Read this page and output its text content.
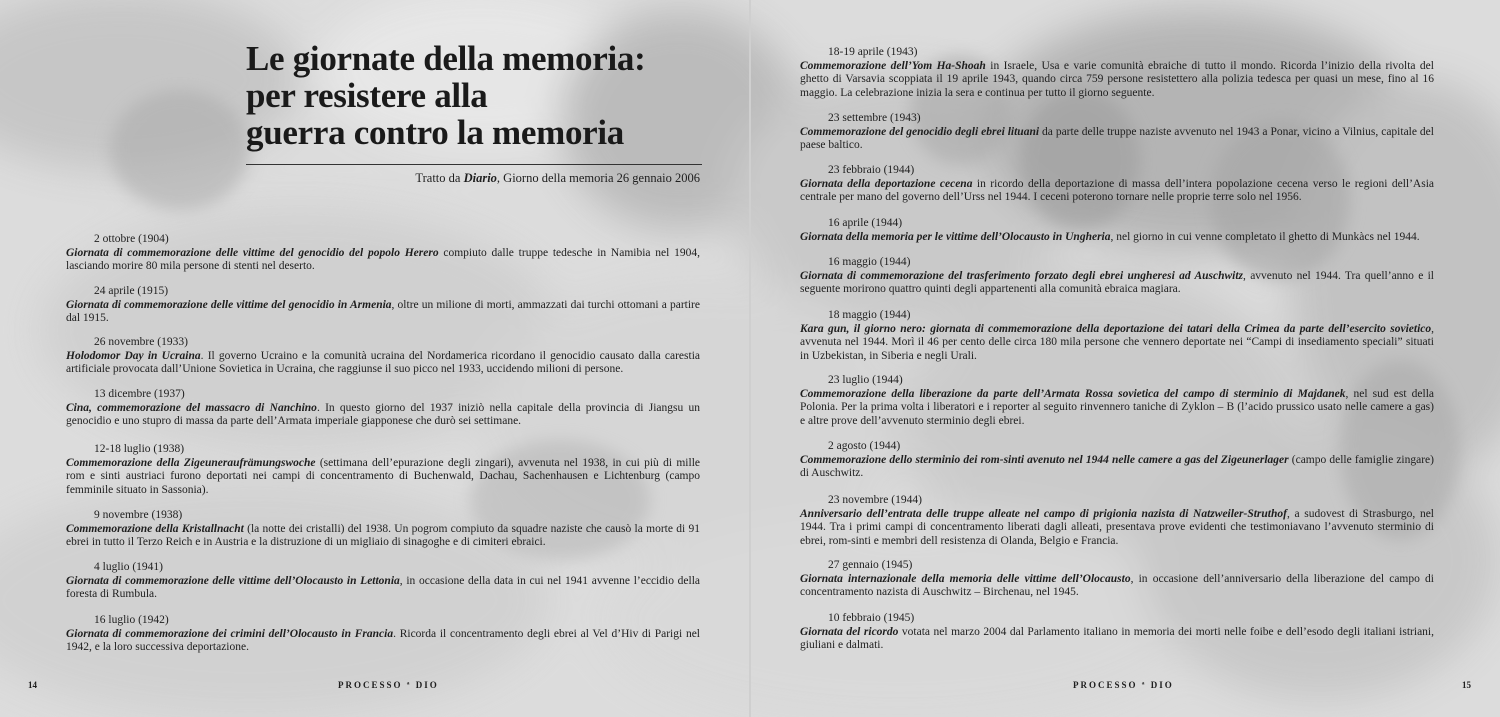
Le giornate della memoria:
per resistere alla
guerra contro la memoria
Tratto da Diario, Giorno della memoria 26 gennaio 2006
2 ottobre (1904)
Giornata di commemorazione delle vittime del genocidio del popolo Herero compiuto dalle truppe tedesche in Namibia nel 1904, lasciando morire 80 mila persone di stenti nel deserto.
24 aprile (1915)
Giornata di commemorazione delle vittime del genocidio in Armenia, oltre un milione di morti, ammazzati dai turchi ottomani a partire dal 1915.
26 novembre (1933)
Holodomor Day in Ucraina. Il governo Ucraino e la comunità ucraina del Nordamerica ricordano il genocidio causato dalla carestia artificiale provocata dall’Unione Sovietica in Ucraina, che raggiunse il suo picco nel 1933, uccidendo milioni di persone.
13 dicembre (1937)
Cina, commemorazione del massacro di Nanchino. In questo giorno del 1937 iniziò nella capitale della provincia di Jiangsu un genocidio e uno stupro di massa da parte dell’Armata imperiale giapponese che durò sei settimane.
12-18 luglio (1938)
Commemorazione della Zigeuneraufrämungswoche (settimana dell’epurazione degli zingari), avvenuta nel 1938, in cui più di mille rom e sinti austriaci furono deportati nei campi di concentramento di Buchenwald, Dachau, Sachenhausen e Lichtenburg (campo femminile situato in Sassonia).
9 novembre (1938)
Commemorazione della Kristallnacht (la notte dei cristalli) del 1938. Un pogrom compiuto da squadre naziste che causò la morte di 91 ebrei in tutto il Terzo Reich e in Austria e la distruzione di un migliaio di sinagoghe e di cimiteri ebraici.
4 luglio (1941)
Giornata di commemorazione delle vittime dell’Olocausto in Lettonia, in occasione della data in cui nel 1941 avvenne l’eccidio della foresta di Rumbula.
16 luglio (1942)
Giornata di commemorazione dei crimini dell’Olocausto in Francia. Ricorda il concentramento degli ebrei al Vel d’Hiv di Parigi nel 1942, e la loro successiva deportazione.
18-19 aprile (1943)
Commemorazione dell’Yom Ha-Shoah in Israele, Usa e varie comunità ebraiche di tutto il mondo. Ricorda l’inizio della rivolta del ghetto di Varsavia scoppiata il 19 aprile 1943, quando circa 759 persone resistettero alla polizia tedesca per quasi un mese, fino al 16 maggio. La celebrazione inizia la sera e continua per tutto il giorno seguente.
23 settembre (1943)
Commemorazione del genocidio degli ebrei lituani da parte delle truppe naziste avvenuto nel 1943 a Ponar, vicino a Vilnius, capitale del paese baltico.
23 febbraio (1944)
Giornata della deportazione cecena in ricordo della deportazione di massa dell’intera popolazione cecena verso le regioni dell’Asia centrale per mano del governo dell’Urss nel 1944. I ceceni poterono tornare nelle proprie terre solo nel 1956.
16 aprile (1944)
Giornata della memoria per le vittime dell’Olocausto in Ungheria, nel giorno in cui venne completato il ghetto di Munkàcs nel 1944.
16 maggio (1944)
Giornata di commemorazione del trasferimento forzato degli ebrei ungheresi ad Auschwitz, avvenuto nel 1944. Tra quell’anno e il seguente morirono quattro quinti degli appartenenti alla comunità ebraica magiara.
18 maggio (1944)
Kara gun, il giorno nero: giornata di commemorazione della deportazione dei tatari della Crimea da parte dell’esercito sovietico, avvenuta nel 1944. Morì il 46 per cento delle circa 180 mila persone che vennero deportate nei “Campi di insediamento speciali” situati in Uzbekistan, in Siberia e negli Urali.
23 luglio (1944)
Commemorazione della liberazione da parte dell’Armata Rossa sovietica del campo di sterminio di Majdanek, nel sud est della Polonia. Per la prima volta i liberatori e i reporter al seguito rinvennero taniche di Zyklon – B (l’acido prussico usato nelle camere a gas) e altre prove dell’avvenuto sterminio degli ebrei.
2 agosto (1944)
Commemorazione dello sterminio dei rom-sinti avenuto nel 1944 nelle camere a gas del Zigeunerlager (campo delle famiglie zingare) di Auschwitz.
23 novembre (1944)
Anniversario dell’entrata delle truppe alleate nel campo di prigionia nazista di Natzweiler-Struthof, a sudovest di Strasburgo, nel 1944. Tra i primi campi di concentramento liberati dagli alleati, presentava prove evidenti che testimoniavano l’avvenuto sterminio di ebrei, rom-sinti e membri dell resistenza di Olanda, Belgio e Francia.
27 gennaio (1945)
Giornata internazionale della memoria delle vittime dell’Olocausto, in occasione dell’anniversario della liberazione del campo di concentramento nazista di Auschwitz – Birchenau, nel 1945.
10 febbraio (1945)
Giornata del ricordo votata nel marzo 2004 dal Parlamento italiano in memoria dei morti nelle foibe e dell’esodo degli italiani istriani, giuliani e dalmati.
14	PROCESSO ª DIO	PROCESSO ª DIO	15
